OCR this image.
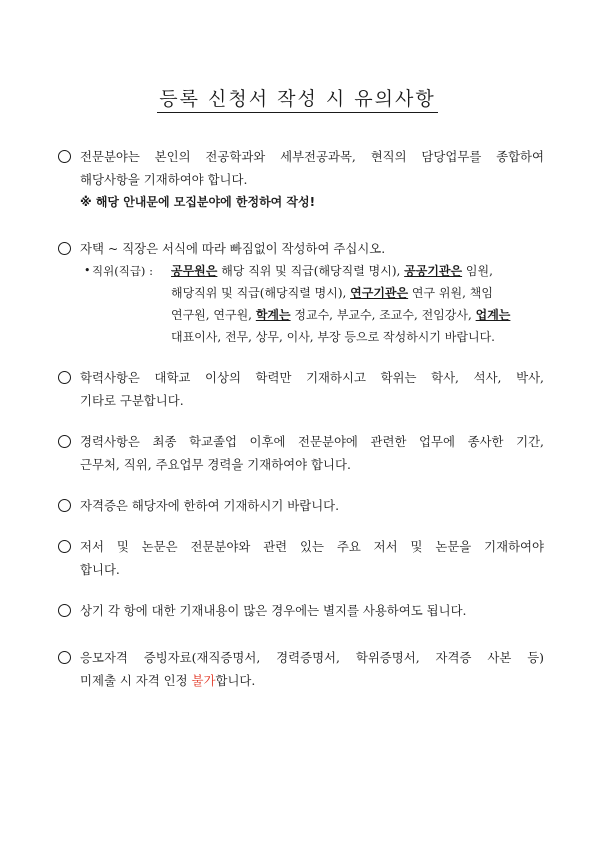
등록 신청서 작성 시 유의사항
전문분야는 본인의 전공학과와 세부전공과목, 현직의 담당업무를 종합하여
해당사항을 기재하여야 합니다.
※ 해당 안내문에 모집분야에 한정하여 작성!
자택 ~ 직장은 서식에 따라 빠짐없이 작성하여 주십시오.
• 직위(직급) : 공무원은 해당 직위 및 직급(해당직렬 명시), 공공기관은 임원,
해당직위 및 직급(해당직렬 명시), 연구기관은 연구 위원, 책임
연구원, 연구원, 학계는 정교수, 부교수, 조교수, 전임강사, 업계는
대표이사, 전무, 상무, 이사, 부장 등으로 작성하시기 바랍니다.
학력사항은 대학교 이상의 학력만 기재하시고 학위는 학사, 석사, 박사,
기타로 구분합니다.
경력사항은 최종 학교졸업 이후에 전문분야에 관련한 업무에 종사한 기간,
근무처, 직위, 주요업무 경력을 기재하여야 합니다.
자격증은 해당자에 한하여 기재하시기 바랍니다.
저서 및 논문은 전문분야와 관련 있는 주요 저서 및 논문을 기재하여야
합니다.
상기 각 항에 대한 기재내용이 많은 경우에는 별지를 사용하여도 됩니다.
응모자격 증빙자료(재직증명서, 경력증명서, 학위증명서, 자격증 사본 등)
미제출 시 자격 인정 불가합니다.
